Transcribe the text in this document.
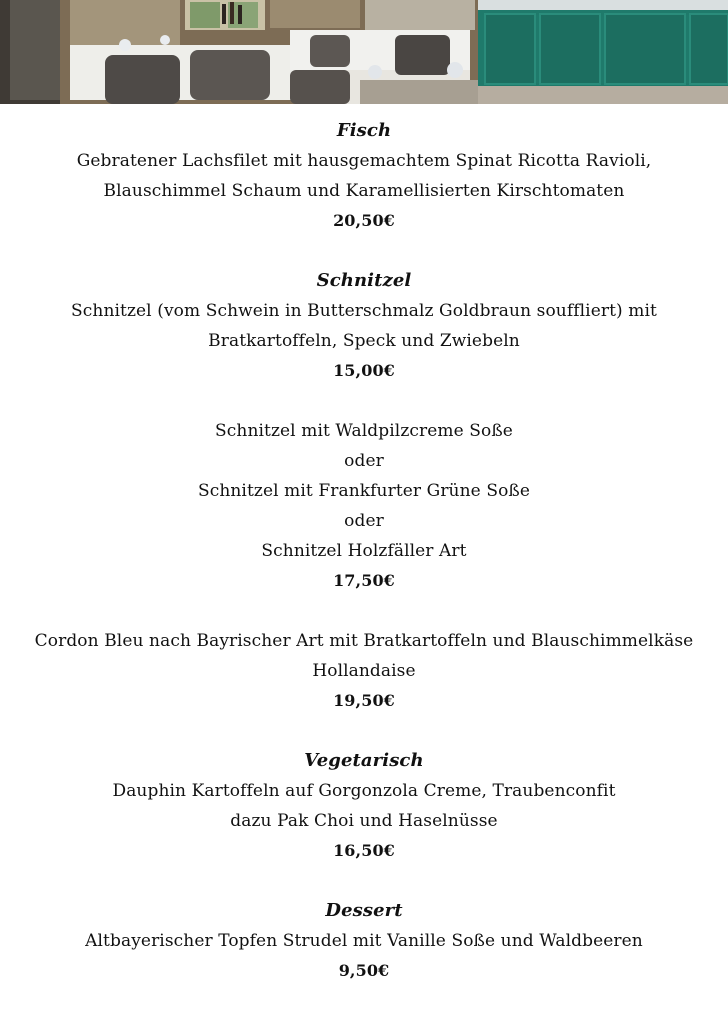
Fisch
Gebratener Lachsfilet mit hausgemachtem Spinat Ricotta Ravioli,
Blauschimmel Schaum und Karamellisierten Kirschtomaten
20,50€
Schnitzel
Schnitzel (vom Schwein in Butterschmalz Goldbraun souffliert) mit
Bratkartoffeln, Speck und Zwiebeln
15,00€
Schnitzel mit Waldpilzcreme Soße
oder
Schnitzel mit Frankfurter Grüne Soße
oder
Schnitzel Holzfäller Art
17,50€
Cordon Bleu nach Bayrischer Art mit Bratkartoffeln und Blauschimmelkäse
Hollandaise
19,50€
Vegetarisch
Dauphin Kartoffeln auf Gorgonzola Creme, Traubenconfit
dazu Pak Choi und Haselnüsse
16,50€
Dessert
Altbayerischer Topfen Strudel mit Vanille Soße und Waldbeeren
9,50€
